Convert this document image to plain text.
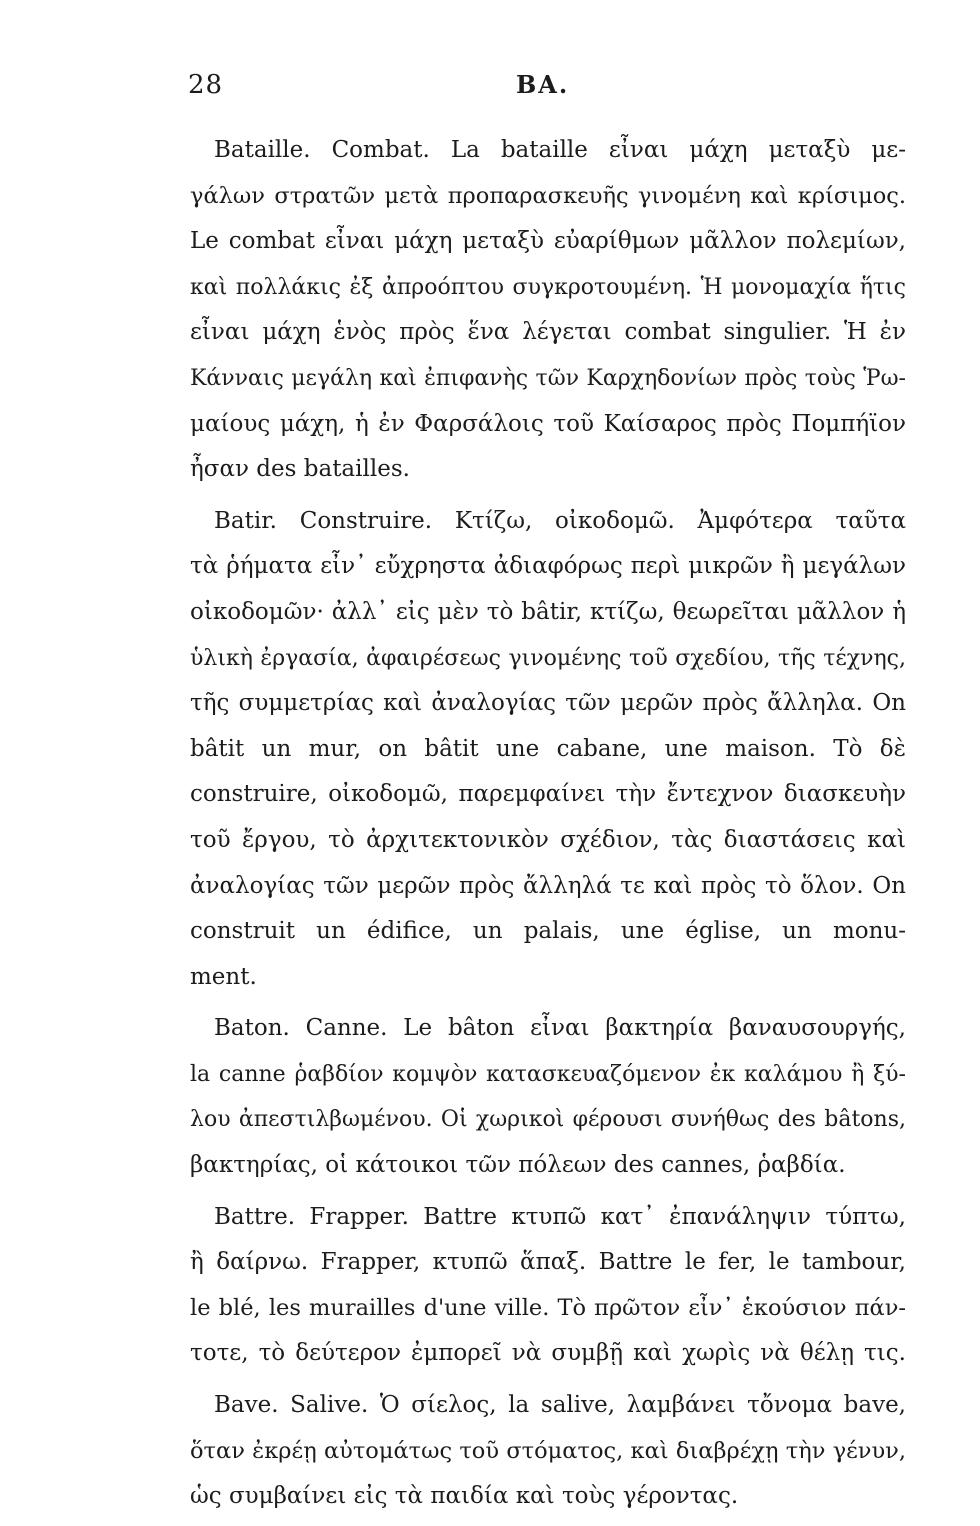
28	BA.
Bataille. Combat. La bataille εἶναι μάχη μεταξὺ με-
γάλων στρατῶν μετὰ προπαρασκευῆς γινομένη καὶ κρίσιμος.
Le combat εἶναι μάχη μεταξὺ εὐαρίθμων μᾶλλον πολεμίων,
καὶ πολλάκις ἐξ ἀπροόπτου συγκροτουμένη. Ἡ μονομαχία ἥτις
εἶναι μάχη ἑνὸς πρὸς ἕνα λέγεται combat singulier. Ἡ ἐν
Κάνναις μεγάλη καὶ ἐπιφανὴς τῶν Καρχηδονίων πρὸς τοὺς Ῥω-
μαίους μάχη, ἡ ἐν Φαρσάλοις τοῦ Καίσαρος πρὸς Πομπήϊον
ἦσαν des batailles.
Batir. Construire. Κτίζω, οἰκοδομῶ. Ἀμφότερα ταῦτα
τὰ ῥήματα εἶν᾽ εὔχρηστα ἀδιαφόρως περὶ μικρῶν ἢ μεγάλων
οἰκοδομῶν· ἀλλ᾽ εἰς μὲν τὸ bâtir, κτίζω, θεωρεῖται μᾶλλον ἡ
ὑλικὴ ἐργασία, ἀφαιρέσεως γινομένης τοῦ σχεδίου, τῆς τέχνης,
τῆς συμμετρίας καὶ ἀναλογίας τῶν μερῶν πρὸς ἄλληλα. On
bâtit un mur, on bâtit une cabane, une maison. Τὸ δὲ
construire, οἰκοδομῶ, παρεμφαίνει τὴν ἔντεχνον διασκευὴν
τοῦ ἔργου, τὸ ἀρχιτεκτονικὸν σχέδιον, τὰς διαστάσεις καὶ
ἀναλογίας τῶν μερῶν πρὸς ἄλληλά τε καὶ πρὸς τὸ ὅλον. On
construit un édifice, un palais, une église, un monu-
ment.
Baton. Canne. Le bâton εἶναι βακτηρία βαναυσουργής,
la canne ῥαβδίον κομψὸν κατασκευαζόμενον ἐκ καλάμου ἢ ξύ-
λου ἀπεστιλβωμένου. Οἱ χωρικοὶ φέρουσι συνήθως des bâtons,
βακτηρίας, οἱ κάτοικοι τῶν πόλεων des cannes, ῥαβδία.
Battre. Frapper. Battre κτυπῶ κατ᾽ ἐπανάληψιν τύπτω,
ἢ δαίρνω. Frapper, κτυπῶ ἅπαξ. Battre le fer, le tambour,
le blé, les murailles d'une ville. Τὸ πρῶτον εἶν᾽ ἑκούσιον πάν-
τοτε, τὸ δεύτερον ἐμπορεῖ νὰ συμβῇ καὶ χωρὶς νὰ θέλῃ τις.
Bave. Salive. Ὁ σίελος, la salive, λαμβάνει τὄνομα bave,
ὅταν ἐκρέῃ αὐτομάτως τοῦ στόματος, καὶ διαβρέχῃ τὴν γένυν,
ὡς συμβαίνει εἰς τὰ παιδία καὶ τοὺς γέροντας.
